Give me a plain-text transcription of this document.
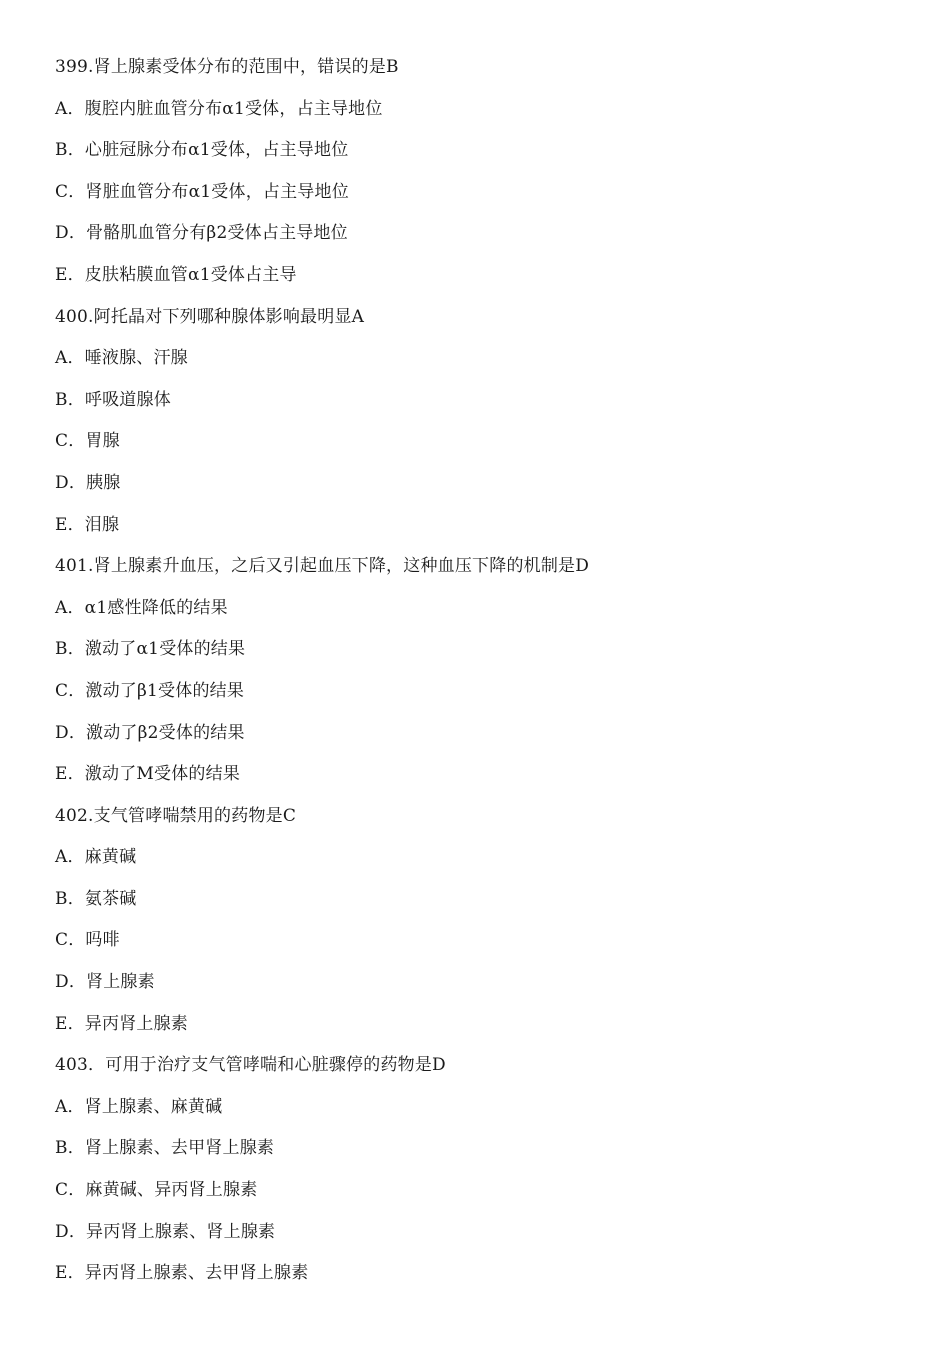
399.肾上腺素受体分布的范围中，错误的是B
A．腹腔内脏血管分布α1受体，占主导地位
B．心脏冠脉分布α1受体，占主导地位
C．肾脏血管分布α1受体，占主导地位
D．骨骼肌血管分有β2受体占主导地位
E．皮肤粘膜血管α1受体占主导
400.阿托晶对下列哪种腺体影响最明显A
A．唾液腺、汗腺
B．呼吸道腺体
C．胃腺
D．胰腺
E．泪腺
401.肾上腺素升血压，之后又引起血压下降，这种血压下降的机制是D
A．α1感性降低的结果
B．激动了α1受体的结果
C．激动了β1受体的结果
D．激动了β2受体的结果
E．激动了M受体的结果
402.支气管哮喘禁用的药物是C
A．麻黄碱
B．氨茶碱
C．吗啡
D．肾上腺素
E．异丙肾上腺素
403．可用于治疗支气管哮喘和心脏骤停的药物是D
A．肾上腺素、麻黄碱
B．肾上腺素、去甲肾上腺素
C．麻黄碱、异丙肾上腺素
D．异丙肾上腺素、肾上腺素
E．异丙肾上腺素、去甲肾上腺素
